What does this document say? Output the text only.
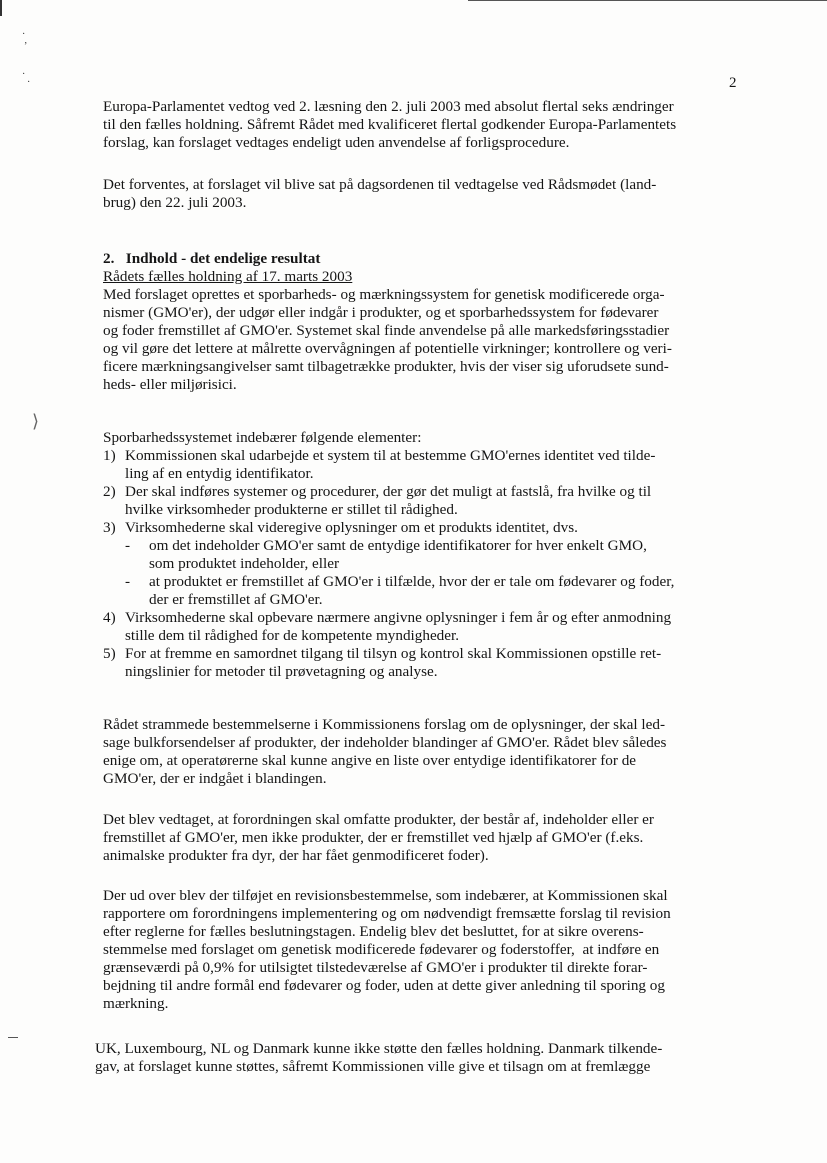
·
ʼ
·
·
⟩
2

Europa-Parlamentet vedtog ved 2. læsning den 2. juli 2003 med absolut flertal seks ændringer

til den fælles holdning. Såfremt Rådet med kvalificeret flertal godkender Europa-Parlamentets

forslag, kan forslaget vedtages endeligt uden anvendelse af forligsprocedure.

Det forventes, at forslaget vil blive sat på dagsordenen til vedtagelse ved Rådsmødet (land-

brug) den 22. juli 2003.

2.   Indhold - det endelige resultat

Rådets fælles holdning af 17. marts 2003

Med forslaget oprettes et sporbarheds- og mærkningssystem for genetisk modificerede orga-

nismer (GMO'er), der udgør eller indgår i produkter, og et sporbarhedssystem for fødevarer

og foder fremstillet af GMO'er. Systemet skal finde anvendelse på alle markedsføringsstadier

og vil gøre det lettere at målrette overvågningen af potentielle virkninger; kontrollere og veri-

ficere mærkningsangivelser samt tilbagetrække produkter, hvis der viser sig uforudsete sund-

heds- eller miljørisici.

Sporbarhedssystemet indebærer følgende elementer:

1) Kommissionen skal udarbejde et system til at bestemme GMO'ernes identitet ved tilde-
ling af en entydig identifikator.
2) Der skal indføres systemer og procedurer, der gør det muligt at fastslå, fra hvilke og til
hvilke virksomheder produkterne er stillet til rådighed.
3) Virksomhederne skal videregive oplysninger om et produkts identitet, dvs.
-	om det indeholder GMO'er samt de entydige identifikatorer for hver enkelt GMO,
som produktet indeholder, eller
-	at produktet er fremstillet af GMO'er i tilfælde, hvor der er tale om fødevarer og foder,
der er fremstillet af GMO'er.
4) Virksomhederne skal opbevare nærmere angivne oplysninger i fem år og efter anmodning
stille dem til rådighed for de kompetente myndigheder.
5) For at fremme en samordnet tilgang til tilsyn og kontrol skal Kommissionen opstille ret-
ningslinier for metoder til prøvetagning og analyse.

Rådet strammede bestemmelserne i Kommissionens forslag om de oplysninger, der skal led-

sage bulkforsendelser af produkter, der indeholder blandinger af GMO'er. Rådet blev således

enige om, at operatørerne skal kunne angive en liste over entydige identifikatorer for de

GMO'er, der er indgået i blandingen.

Det blev vedtaget, at forordningen skal omfatte produkter, der består af, indeholder eller er

fremstillet af GMO'er, men ikke produkter, der er fremstillet ved hjælp af GMO'er (f.eks.

animalske produkter fra dyr, der har fået genmodificeret foder).

Der ud over blev der tilføjet en revisionsbestemmelse, som indebærer, at Kommissionen skal

rapportere om forordningens implementering og om nødvendigt fremsætte forslag til revision

efter reglerne for fælles beslutningstagen. Endelig blev det besluttet, for at sikre overens-

stemmelse med forslaget om genetisk modificerede fødevarer og foderstoffer,  at indføre en

grænseværdi på 0,9% for utilsigtet tilstedeværelse af GMO'er i produkter til direkte forar-

bejdning til andre formål end fødevarer og foder, uden at dette giver anledning til sporing og

mærkning.

UK, Luxembourg, NL og Danmark kunne ikke støtte den fælles holdning. Danmark tilkende-

gav, at forslaget kunne støttes, såfremt Kommissionen ville give et tilsagn om at fremlægge
